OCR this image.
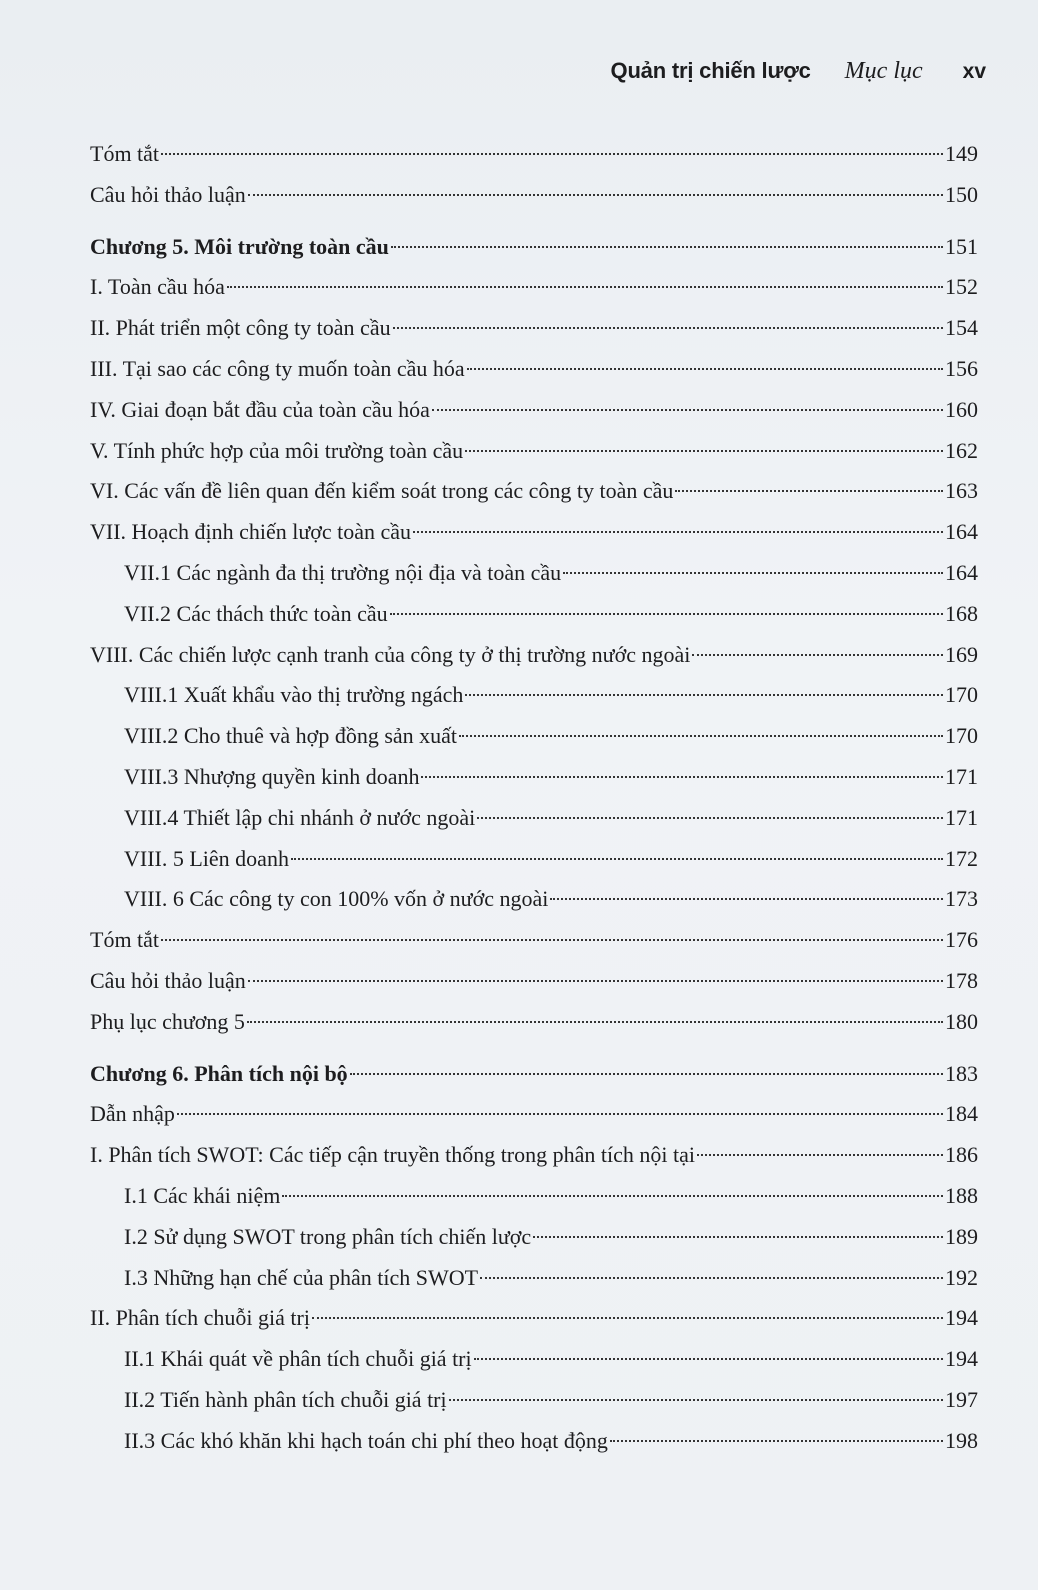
Quản trị chiến lược Mục lục xv
Tóm tắt	149
Câu hỏi thảo luận	150
Chương 5. Môi trường toàn cầu	151
I. Toàn cầu hóa	152
II. Phát triển một công ty toàn cầu	154
III. Tại sao các công ty muốn toàn cầu hóa	156
IV. Giai đoạn bắt đầu của toàn cầu hóa	160
V. Tính phức hợp của môi trường toàn cầu	162
VI. Các vấn đề liên quan đến kiểm soát trong các công ty toàn cầu	163
VII. Hoạch định chiến lược toàn cầu	164
VII.1 Các ngành đa thị trường nội địa và toàn cầu	164
VII.2 Các thách thức toàn cầu	168
VIII. Các chiến lược cạnh tranh của công ty ở thị trường nước ngoài	169
VIII.1 Xuất khẩu vào thị trường ngách	170
VIII.2 Cho thuê và hợp đồng sản xuất	170
VIII.3 Nhượng quyền kinh doanh	171
VIII.4 Thiết lập chi nhánh ở nước ngoài	171
VIII. 5 Liên doanh	172
VIII. 6 Các công ty con 100% vốn ở nước ngoài	173
Tóm tắt	176
Câu hỏi thảo luận	178
Phụ lục chương 5	180
Chương 6. Phân tích nội bộ	183
Dẫn nhập	184
I. Phân tích SWOT: Các tiếp cận truyền thống trong phân tích nội tại	186
I.1 Các khái niệm	188
I.2 Sử dụng SWOT trong phân tích chiến lược	189
I.3 Những hạn chế của phân tích SWOT	192
II. Phân tích chuỗi giá trị	194
II.1 Khái quát về phân tích chuỗi giá trị	194
II.2 Tiến hành phân tích chuỗi giá trị	197
II.3 Các khó khăn khi hạch toán chi phí theo hoạt động	198
